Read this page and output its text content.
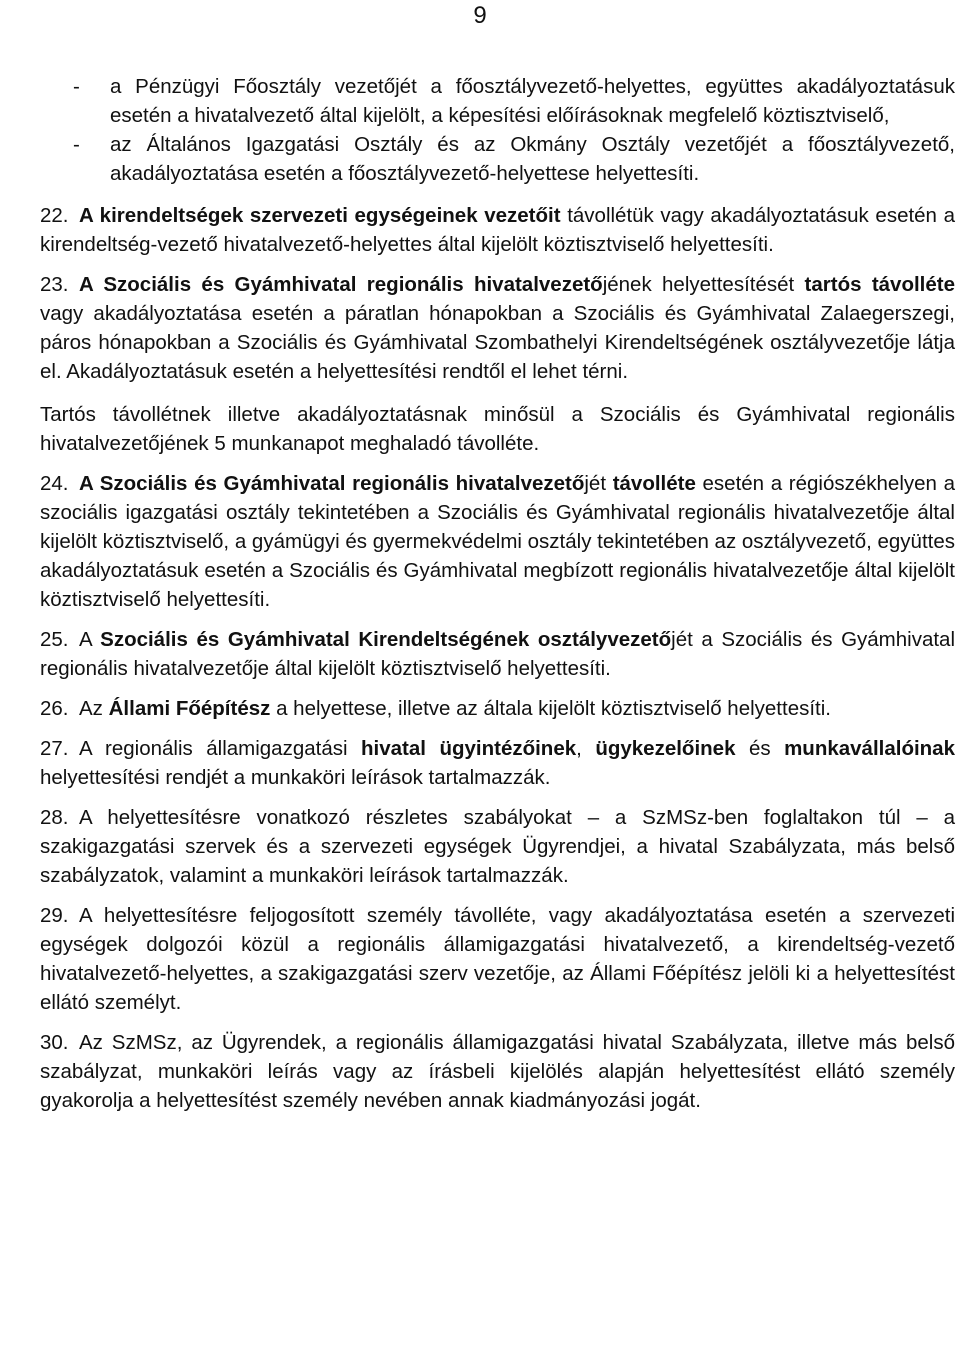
9
-	a Pénzügyi Főosztály vezetőjét a főosztályvezető-helyettes, együttes akadályoztatásuk esetén a hivatalvezető által kijelölt, a képesítési előírásoknak megfelelő köztisztviselő,
-	az Általános Igazgatási Osztály és az Okmány Osztály vezetőjét a főosztályvezető, akadályoztatása esetén a főosztályvezető-helyettese helyettesíti.

22. A kirendeltségek szervezeti egységeinek vezetőit távollétük vagy akadályoztatásuk esetén a kirendeltség-vezető hivatalvezető-helyettes által kijelölt köztisztviselő helyettesíti.

23. A Szociális és Gyámhivatal regionális hivatalvezetőjének helyettesítését tartós távolléte vagy akadályoztatása esetén a páratlan hónapokban a Szociális és Gyámhivatal Zalaegerszegi, páros hónapokban a Szociális és Gyámhivatal Szombathelyi Kirendeltségének osztályvezetője látja el. Akadályoztatásuk esetén a helyettesítési rendtől el lehet térni.

Tartós távollétnek illetve akadályoztatásnak minősül a Szociális és Gyámhivatal regionális hivatalvezetőjének 5 munkanapot meghaladó távolléte.

24. A Szociális és Gyámhivatal regionális hivatalvezetőjét távolléte esetén a régiószékhelyen a szociális igazgatási osztály tekintetében a Szociális és Gyámhivatal regionális hivatalvezetője által kijelölt köztisztviselő, a gyámügyi és gyermekvédelmi osztály tekintetében az osztályvezető, együttes akadályoztatásuk esetén a Szociális és Gyámhivatal megbízott regionális hivatalvezetője által kijelölt köztisztviselő helyettesíti.

25. A Szociális és Gyámhivatal Kirendeltségének osztályvezetőjét a Szociális és Gyámhivatal regionális hivatalvezetője által kijelölt köztisztviselő helyettesíti.

26. Az Állami Főépítész a helyettese, illetve az általa kijelölt köztisztviselő helyettesíti.

27. A regionális államigazgatási hivatal ügyintézőinek, ügykezelőinek és munkavállalóinak helyettesítési rendjét a munkaköri leírások tartalmazzák.

28. A helyettesítésre vonatkozó részletes szabályokat – a SzMSz-ben foglaltakon túl – a szakigazgatási szervek és a szervezeti egységek Ügyrendjei, a hivatal Szabályzata, más belső szabályzatok, valamint a munkaköri leírások tartalmazzák.

29. A helyettesítésre feljogosított személy távolléte, vagy akadályoztatása esetén a szervezeti egységek dolgozói közül a regionális államigazgatási hivatalvezető, a kirendeltség-vezető hivatalvezető-helyettes, a szakigazgatási szerv vezetője, az Állami Főépítész jelöli ki a helyettesítést ellátó személyt.

30. Az SzMSz, az Ügyrendek, a regionális államigazgatási hivatal Szabályzata, illetve más belső szabályzat, munkaköri leírás vagy az írásbeli kijelölés alapján helyettesítést ellátó személy gyakorolja a helyettesítést személy nevében annak kiadmányozási jogát.
